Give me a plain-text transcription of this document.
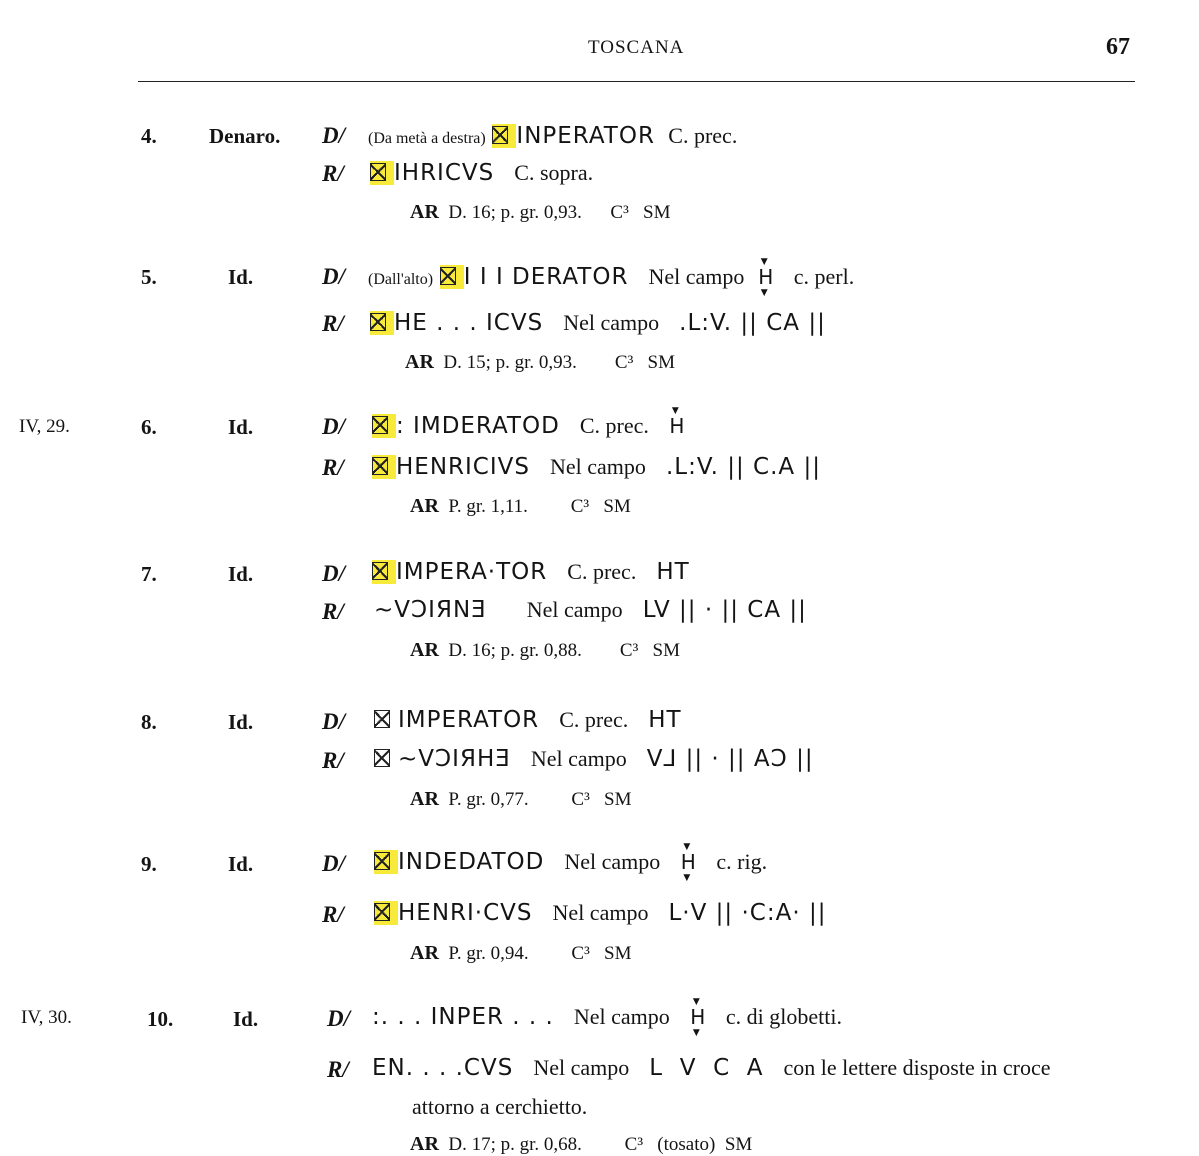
TOSCANA	67
4. Denaro. D/ (Da metà a destra) INPERATOR C. prec.
R/	IHRICVS C. sopra.
AR D. 16; p. gr. 0,93. C³ SM
5.	Id.	D/ (Dall'alto) I I I DERATOR Nel campo
▼
H
▼
c. perl.
R/	HE . . . ICVS Nel campo .L:V. || CA ||
AR D. 15; p. gr. 0,93. C³ SM
IV, 29.	6.	Id.	D/	: IMDERATOD C. prec.
▼
H
R/	HENRICIVS Nel campo .L:V. || C.A ||
AR P. gr. 1,11. C³ SM
7.	Id.	D/	IMPERA·TOR C. prec. HT
R/ ~VƆIЯNƎ Nel campo LV || · || CA ||
AR D. 16; p. gr. 0,88. C³ SM
8.	Id.	D/	IMPERATOR C. prec. HT
R/	~VƆIЯHƎ Nel campo V⅃ || · || AƆ ||
AR P. gr. 0,77. C³ SM
9.	Id.	D/	INDEDATOD Nel campo
▼
H
▼
c. rig.
R/	HENRI·CVS Nel campo L·V || ·C:A· ||
AR P. gr. 0,94. C³ SM
IV, 30.	10.	Id.	D/ :. . . INPER . . . Nel campo
▼
H
▼
c. di globetti.
R/ EN. . . .CVS Nel campo L  V  C  A con le lettere disposte in croce
attorno a cerchietto.
AR D. 17; p. gr. 0,68. C³ (tosato) SM
